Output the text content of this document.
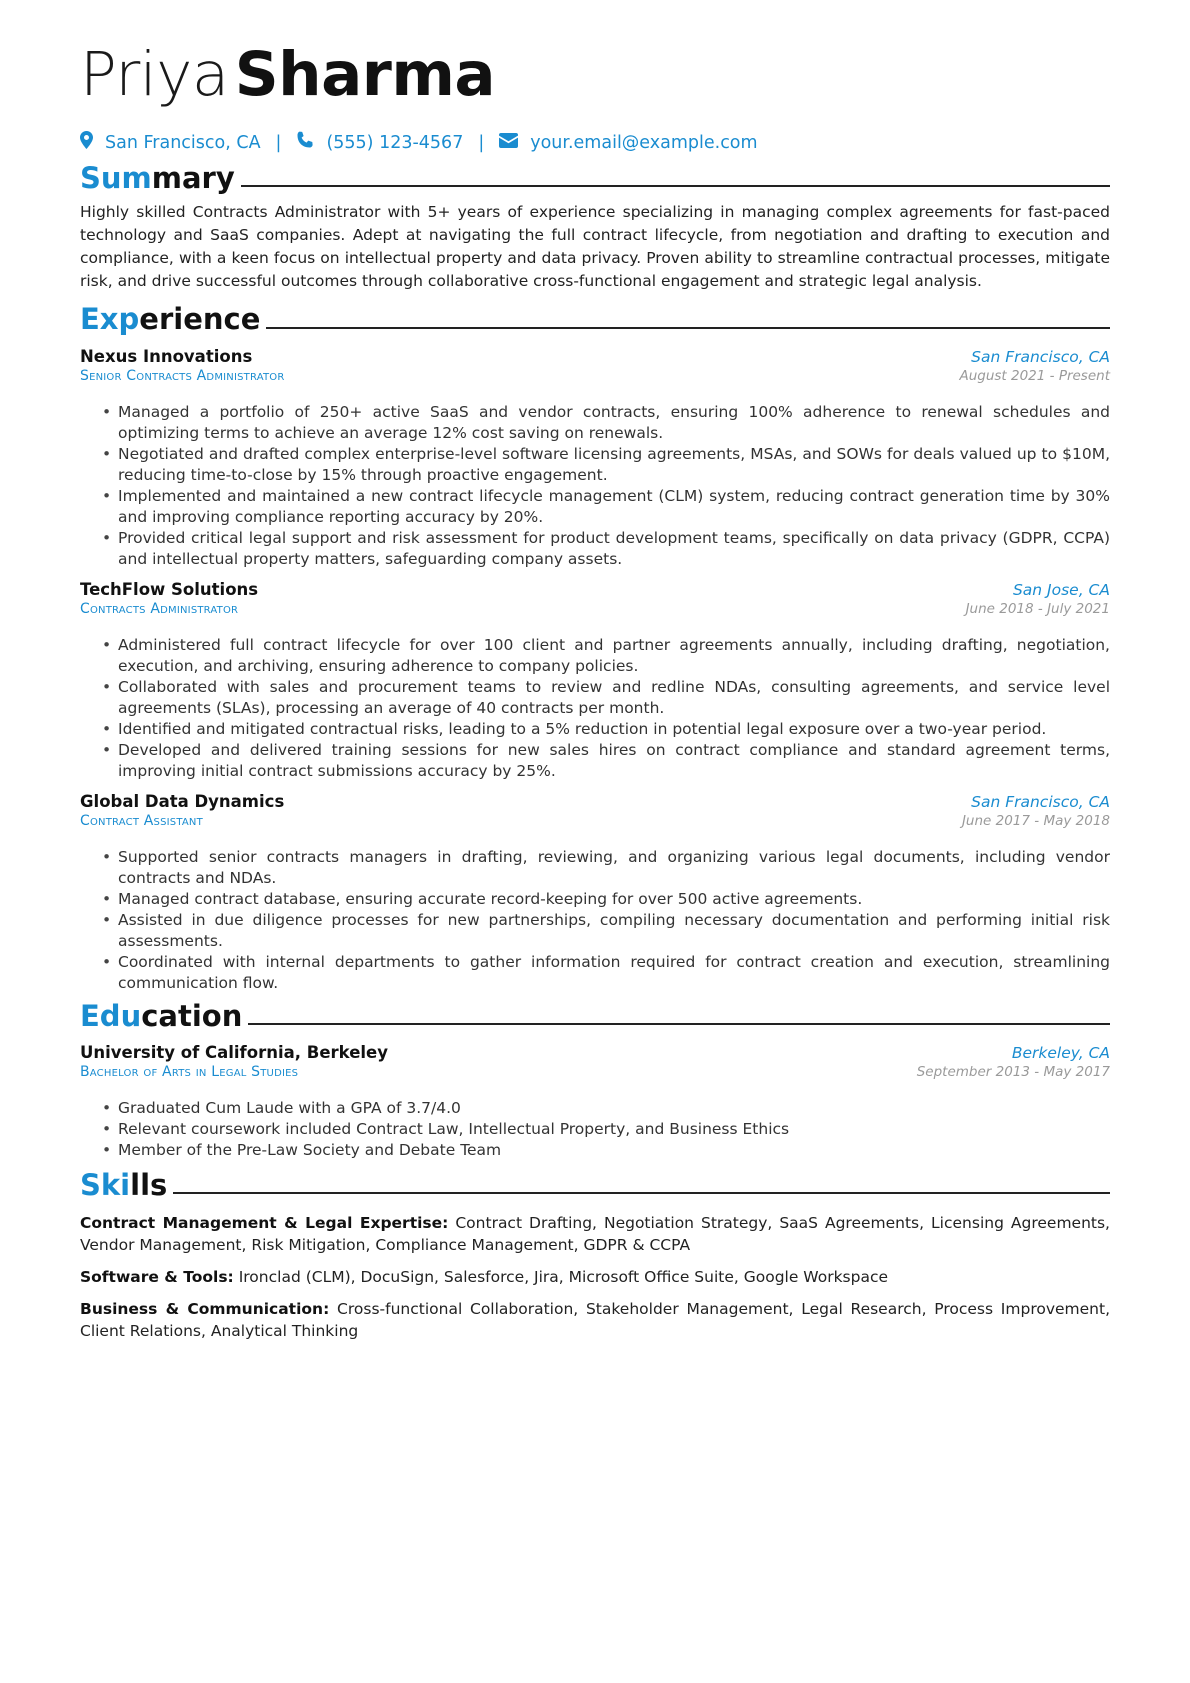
PriyaSharma
San Francisco, CA |	(555) 123-4567 |	your.email@example.com
Summary
Highly skilled Contracts Administrator with 5+ years of experience specializing in managing complex agreements for fast-paced technology and SaaS companies. Adept at navigating the full contract lifecycle, from negotiation and drafting to execution and compliance, with a keen focus on intellectual property and data privacy. Proven ability to streamline contractual processes, mitigate risk, and drive successful outcomes through collaborative cross-functional engagement and strategic legal analysis.
Experience
Nexus Innovations	San Francisco, CA
Senior Contracts Administrator	August 2021 - Present
• Managed a portfolio of 250+ active SaaS and vendor contracts, ensuring 100% adherence to renewal schedules and optimizing terms to achieve an average 12% cost saving on renewals.
• Negotiated and drafted complex enterprise-level software licensing agreements, MSAs, and SOWs for deals valued up to $10M, reducing time-to-close by 15% through proactive engagement.
• Implemented and maintained a new contract lifecycle management (CLM) system, reducing contract generation time by 30% and improving compliance reporting accuracy by 20%.
• Provided critical legal support and risk assessment for product development teams, specifically on data privacy (GDPR, CCPA) and intellectual property matters, safeguarding company assets.
TechFlow Solutions	San Jose, CA
Contracts Administrator	June 2018 - July 2021
• Administered full contract lifecycle for over 100 client and partner agreements annually, including drafting, negotiation, execution, and archiving, ensuring adherence to company policies.
• Collaborated with sales and procurement teams to review and redline NDAs, consulting agreements, and service level agreements (SLAs), processing an average of 40 contracts per month.
• Identified and mitigated contractual risks, leading to a 5% reduction in potential legal exposure over a two-year period.
• Developed and delivered training sessions for new sales hires on contract compliance and standard agreement terms, improving initial contract submissions accuracy by 25%.
Global Data Dynamics	San Francisco, CA
Contract Assistant	June 2017 - May 2018
• Supported senior contracts managers in drafting, reviewing, and organizing various legal documents, including vendor contracts and NDAs.
• Managed contract database, ensuring accurate record-keeping for over 500 active agreements.
• Assisted in due diligence processes for new partnerships, compiling necessary documentation and performing initial risk assessments.
• Coordinated with internal departments to gather information required for contract creation and execution, streamlining communication flow.
Education
University of California, Berkeley	Berkeley, CA
Bachelor of Arts in Legal Studies	September 2013 - May 2017
• Graduated Cum Laude with a GPA of 3.7/4.0
• Relevant coursework included Contract Law, Intellectual Property, and Business Ethics
• Member of the Pre-Law Society and Debate Team
Skills
Contract Management & Legal Expertise: Contract Drafting, Negotiation Strategy, SaaS Agreements, Licensing Agreements, Vendor Management, Risk Mitigation, Compliance Management, GDPR & CCPA
Software & Tools: Ironclad (CLM), DocuSign, Salesforce, Jira, Microsoft Office Suite, Google Workspace
Business & Communication: Cross-functional Collaboration, Stakeholder Management, Legal Research, Process Improvement, Client Relations, Analytical Thinking
